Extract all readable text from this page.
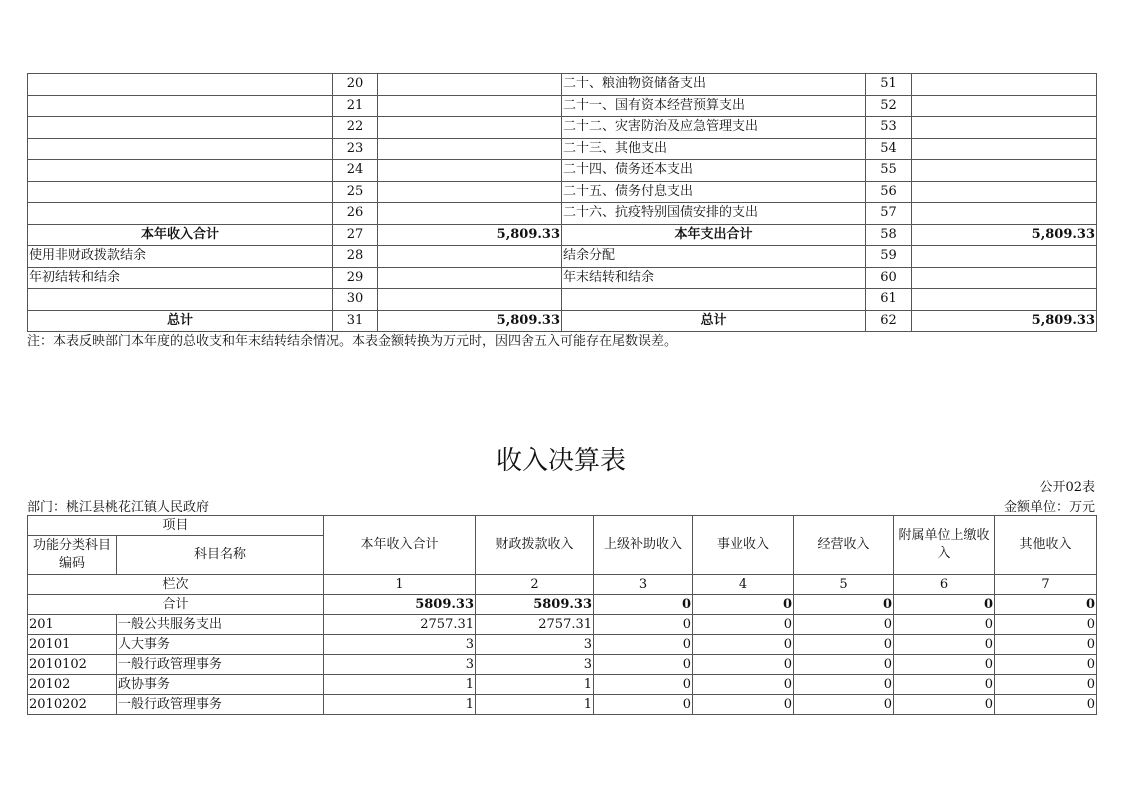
	20		二十、粮油物资储备支出	51	
	21		二十一、国有资本经营预算支出	52	
	22		二十二、灾害防治及应急管理支出	53	
	23		二十三、其他支出	54	
	24		二十四、债务还本支出	55	
	25		二十五、债务付息支出	56	
	26		二十六、抗疫特别国债安排的支出	57	
本年收入合计	27	5,809.33	本年支出合计	58	5,809.33
使用非财政拨款结余	28		结余分配	59	
年初结转和结余	29		年末结转和结余	60	
	30			61	
总计	31	5,809.33	总计	62	5,809.33
注：本表反映部门本年度的总收支和年末结转结余情况。本表金额转换为万元时，因四舍五入可能存在尾数误差。
收入决算表
公开02表
部门：桃江县桃花江镇人民政府	金额单位：万元
项目		本年收入合计	财政拨款收入	上级补助收入	事业收入	经营收入	附属单位上缴收入	其他收入
功能分类科目编码	科目名称							
栏次		1	2	3	4	5	6	7
合计		5809.33	5809.33	0	0	0	0	0
201	一般公共服务支出	2757.31	2757.31	0	0	0	0	0
20101	人大事务	3	3	0	0	0	0	0
2010102	一般行政管理事务	3	3	0	0	0	0	0
20102	政协事务	1	1	0	0	0	0	0
2010202	一般行政管理事务	1	1	0	0	0	0	0
